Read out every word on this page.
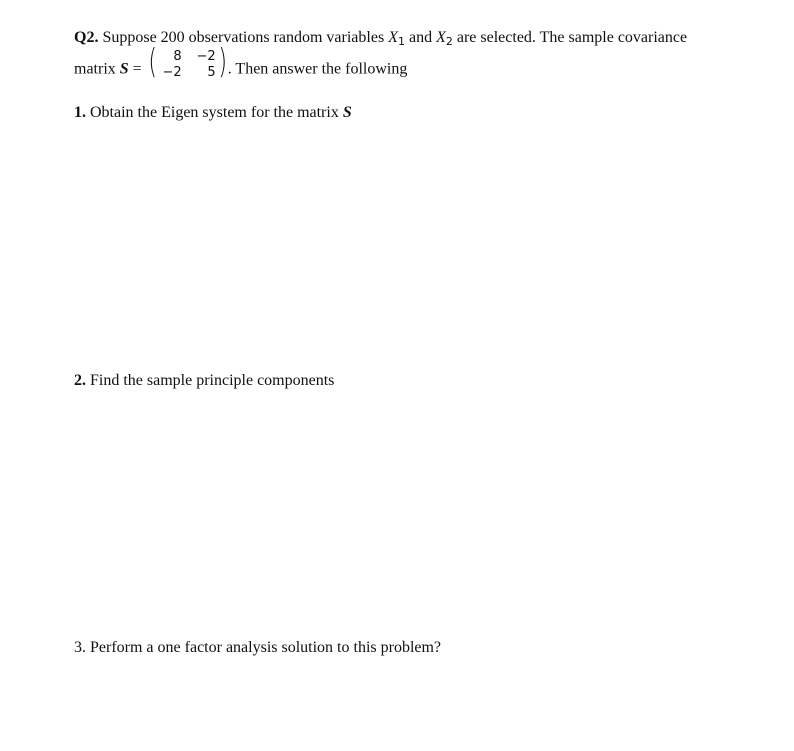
Q2. Suppose 200 observations random variables $X_1$ and $X_2$ are selected. The sample covariance
matrix S = (	8 −2
−2	5 ) . Then answer the following
1. Obtain the Eigen system for the matrix S
2. Find the sample principle components
3. Perform a one factor analysis solution to this problem?
